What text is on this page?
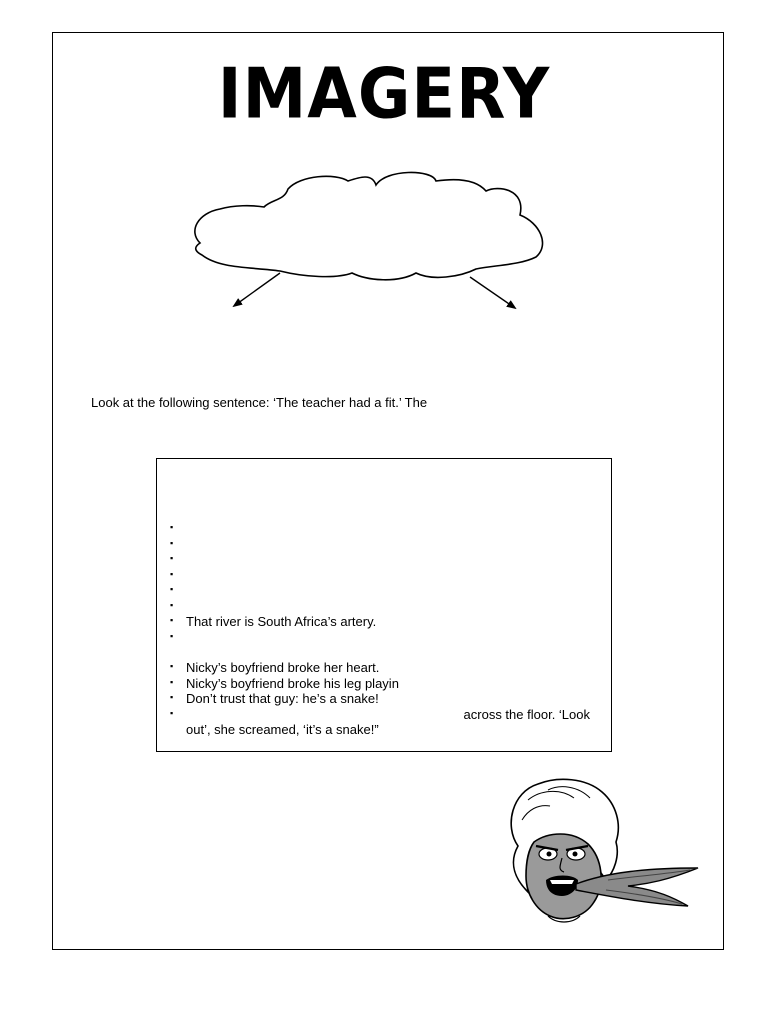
IMAGERY
Look at the following sentence: ‘The teacher had a fit.’ The
▪
▪
▪
▪
▪
▪
▪ That river is South Africa’s artery.
▪
▪ Nicky’s boyfriend broke her heart.
▪ Nicky’s boyfriend broke his leg playin
▪ Don’t trust that guy: he’s a snake!
▪ across the floor. ‘Look

out’, she screamed, ‘it’s a snake!”
